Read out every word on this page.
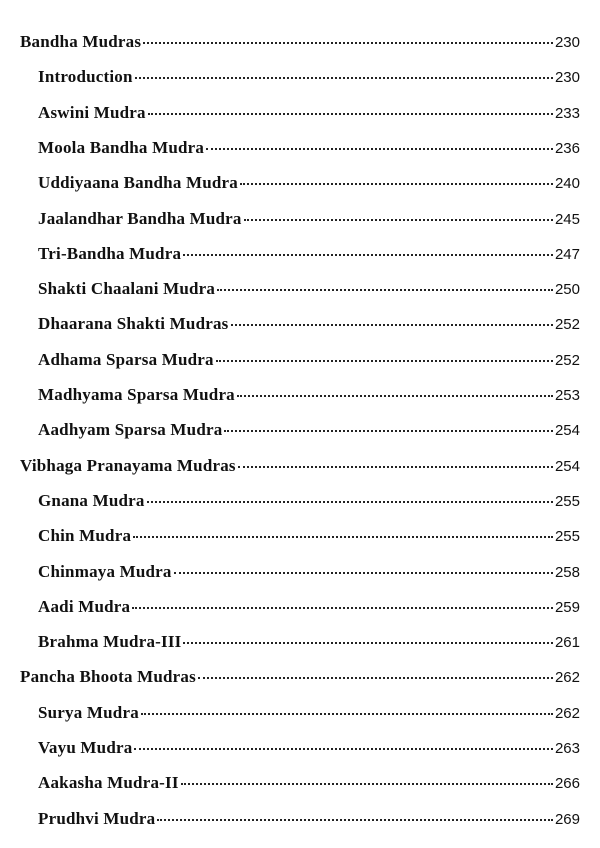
Bandha Mudras	230
Introduction	230
Aswini Mudra	233
Moola Bandha Mudra	236
Uddiyaana Bandha Mudra	240
Jaalandhar Bandha Mudra	245
Tri-Bandha Mudra	247
Shakti Chaalani Mudra	250
Dhaarana Shakti Mudras	252
Adhama Sparsa Mudra	252
Madhyama Sparsa Mudra	253
Aadhyam Sparsa Mudra	254
Vibhaga Pranayama Mudras	254
Gnana Mudra	255
Chin Mudra	255
Chinmaya Mudra	258
Aadi Mudra	259
Brahma Mudra-III	261
Pancha Bhoota Mudras	262
Surya Mudra	262
Vayu Mudra	263
Aakasha Mudra-II	266
Prudhvi Mudra	269
